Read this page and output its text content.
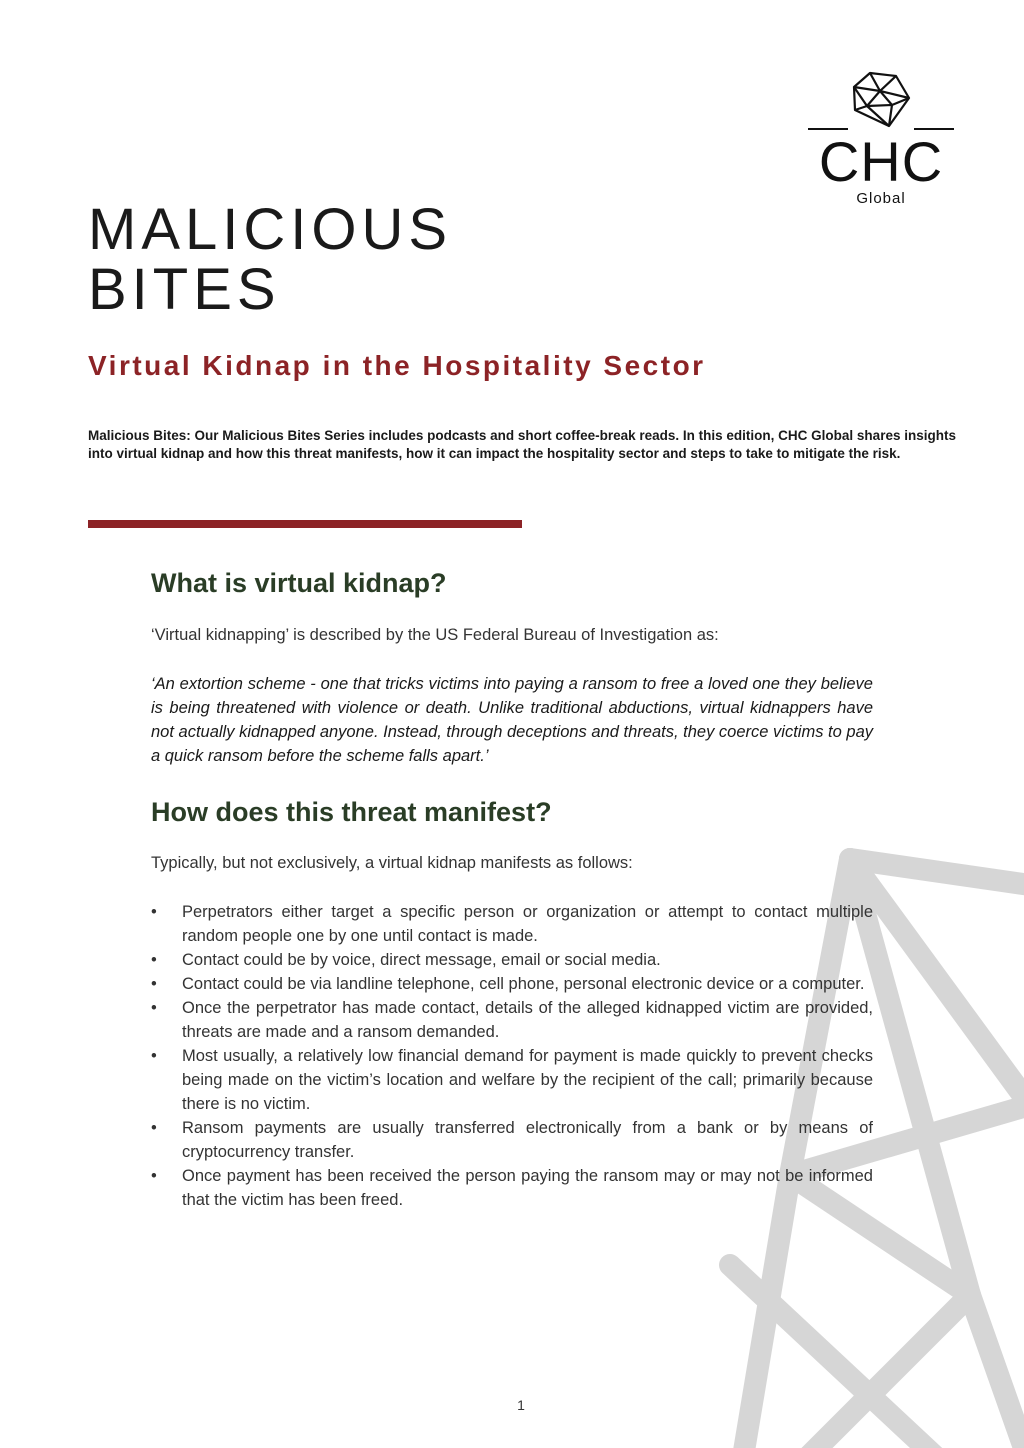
CHC
Global
MALICIOUS
BITES
Virtual Kidnap in the Hospitality Sector

Malicious Bites: Our Malicious Bites Series includes podcasts and short coffee-break reads. In this edition, CHC Global shares insights into virtual kidnap and how this threat manifests, how it can impact the hospitality sector and steps to take to mitigate the risk.

What is virtual kidnap?

‘Virtual kidnapping’ is described by the US Federal Bureau of Investigation as:

‘An extortion scheme - one that tricks victims into paying a ransom to free a loved one they believe is being threatened with violence or death. Unlike traditional abductions, virtual kidnappers have not actually kidnapped anyone. Instead, through deceptions and threats, they coerce victims to pay a quick ransom before the scheme falls apart.’

How does this threat manifest?

Typically, but not exclusively, a virtual kidnap manifests as follows:

• Perpetrators either target a specific person or organization or attempt to contact multiple random people one by one until contact is made.
• Contact could be by voice, direct message, email or social media.
• Contact could be via landline telephone, cell phone, personal electronic device or a computer.
• Once the perpetrator has made contact, details of the alleged kidnapped victim are provided, threats are made and a ransom demanded.
• Most usually, a relatively low financial demand for payment is made quickly to prevent checks being made on the victim’s location and welfare by the recipient of the call; primarily because there is no victim.
• Ransom payments are usually transferred electronically from a bank or by means of cryptocurrency transfer.
• Once payment has been received the person paying the ransom may or may not be informed that the victim has been freed.
1
